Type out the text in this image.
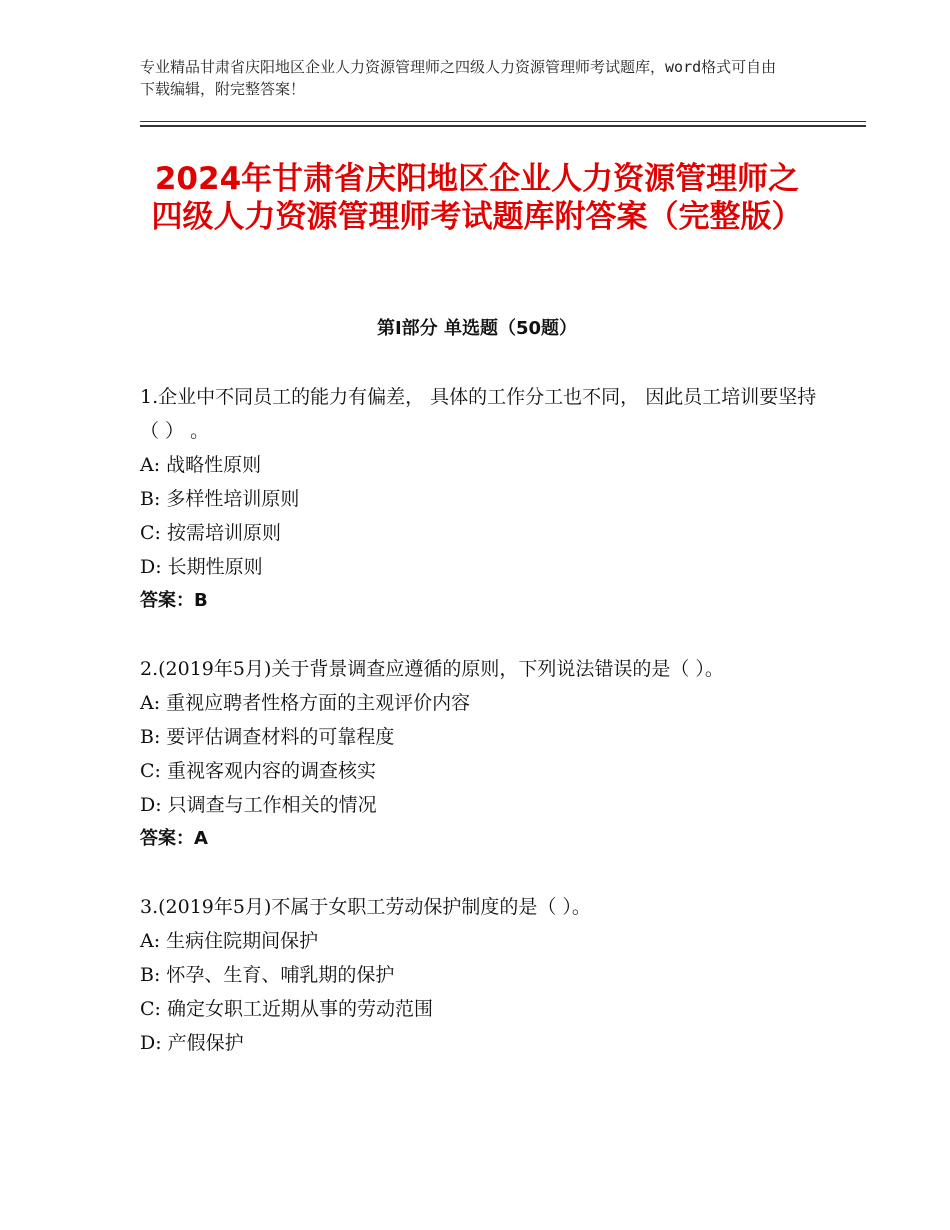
专业精品甘肃省庆阳地区企业人力资源管理师之四级人力资源管理师考试题库，word格式可自由下载编辑，附完整答案！
2024年甘肃省庆阳地区企业人力资源管理师之四级人力资源管理师考试题库附答案（完整版）
第Ⅰ部分 单选题（50题）

1.企业中不同员工的能力有偏差， 具体的工作分工也不同， 因此员工培训要坚持（ ） 。

A: 战略性原则

B: 多样性培训原则

C: 按需培训原则

D: 长期性原则

答案：B

2.(2019年5月)关于背景调查应遵循的原则，下列说法错误的是（ ）。

A: 重视应聘者性格方面的主观评价内容

B: 要评估调查材料的可靠程度

C: 重视客观内容的调查核实

D: 只调查与工作相关的情况

答案：A

3.(2019年5月)不属于女职工劳动保护制度的是（ ）。

A: 生病住院期间保护

B: 怀孕、生育、哺乳期的保护

C: 确定女职工近期从事的劳动范围

D: 产假保护
